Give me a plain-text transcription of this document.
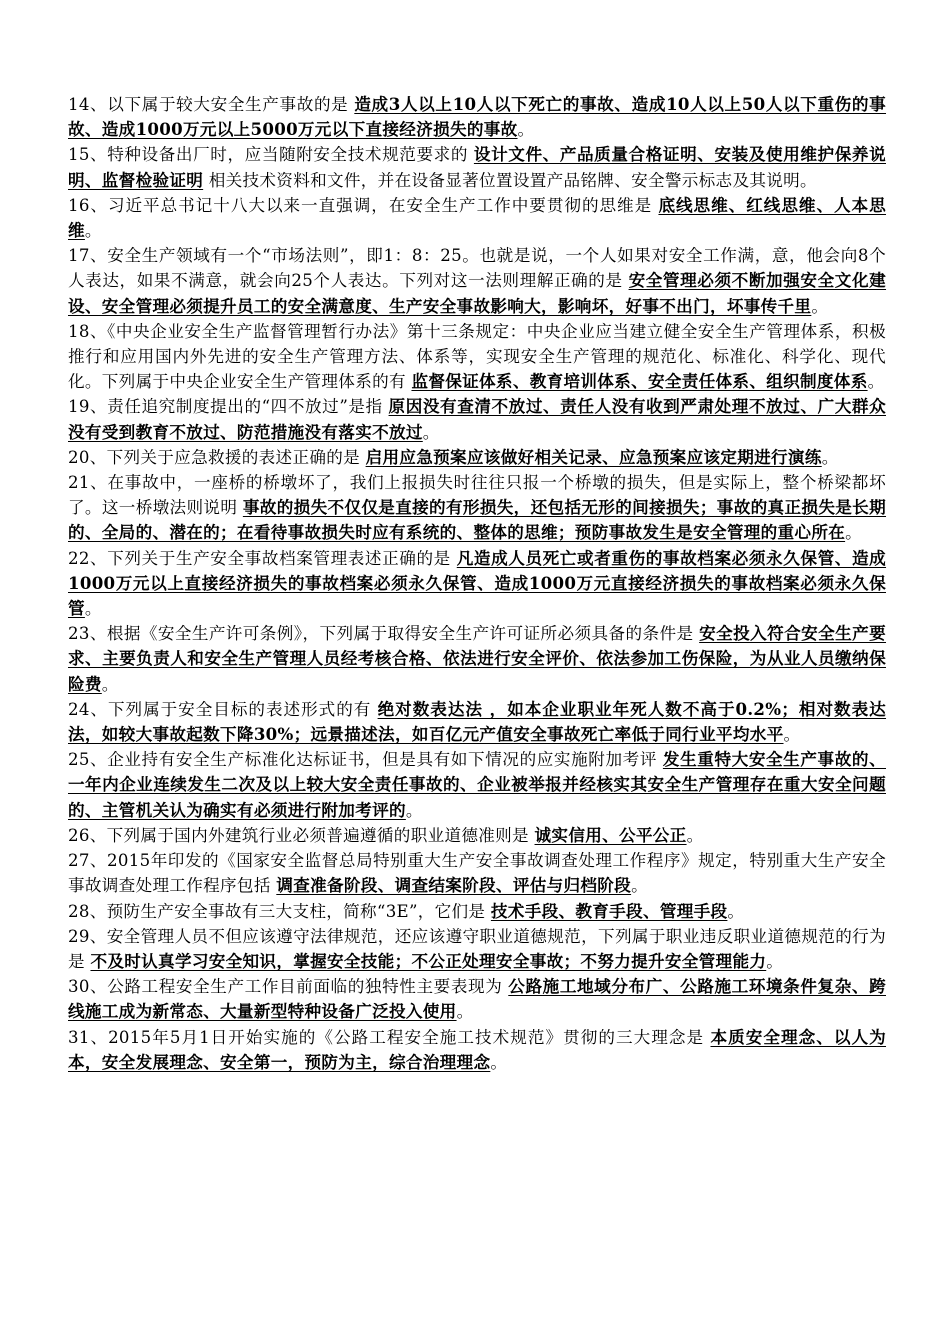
14、以下属于较大安全生产事故的是 造成3人以上10人以下死亡的事故、造成10人以上50人以下重伤的事故、造成1000万元以上5000万元以下直接经济损失的事故。

15、特种设备出厂时，应当随附安全技术规范要求的 设计文件、产品质量合格证明、安装及使用维护保养说明、监督检验证明 相关技术资料和文件，并在设备显著位置设置产品铭牌、安全警示标志及其说明。

16、习近平总书记十八大以来一直强调，在安全生产工作中要贯彻的思维是 底线思维、红线思维、人本思维。

17、安全生产领域有一个“市场法则”，即1：8：25。也就是说，一个人如果对安全工作满，意，他会向8个人表达，如果不满意，就会向25个人表达。下列对这一法则理解正确的是 安全管理必须不断加强安全文化建设、安全管理必须提升员工的安全满意度、生产安全事故影响大，影响坏，好事不出门，坏事传千里。

18、《中央企业安全生产监督管理暂行办法》第十三条规定：中央企业应当建立健全安全生产管理体系，积极推行和应用国内外先进的安全生产管理方法、体系等，实现安全生产管理的规范化、标准化、科学化、现代化。下列属于中央企业安全生产管理体系的有 监督保证体系、教育培训体系、安全责任体系、组织制度体系。

19、责任追究制度提出的“四不放过”是指 原因没有查清不放过、责任人没有收到严肃处理不放过、广大群众没有受到教育不放过、防范措施没有落实不放过。

20、下列关于应急救援的表述正确的是 启用应急预案应该做好相关记录、应急预案应该定期进行演练。

21、在事故中，一座桥的桥墩坏了，我们上报损失时往往只报一个桥墩的损失，但是实际上，整个桥梁都坏了。这一桥墩法则说明 事故的损失不仅仅是直接的有形损失，还包括无形的间接损失；事故的真正损失是长期的、全局的、潜在的；在看待事故损失时应有系统的、整体的思维；预防事故发生是安全管理的重心所在。

22、下列关于生产安全事故档案管理表述正确的是 凡造成人员死亡或者重伤的事故档案必须永久保管、造成1000万元以上直接经济损失的事故档案必须永久保管、造成1000万元直接经济损失的事故档案必须永久保管。

23、根据《安全生产许可条例》，下列属于取得安全生产许可证所必须具备的条件是 安全投入符合安全生产要求、主要负责人和安全生产管理人员经考核合格、依法进行安全评价、依法参加工伤保险，为从业人员缴纳保险费。

24、下列属于安全目标的表述形式的有 绝对数表达法 ，如本企业职业年死人数不高于0.2%；相对数表达法，如较大事故起数下降30%；远景描述法，如百亿元产值安全事故死亡率低于同行业平均水平。

25、企业持有安全生产标准化达标证书，但是具有如下情况的应实施附加考评 发生重特大安全生产事故的、一年内企业连续发生二次及以上较大安全责任事故的、企业被举报并经核实其安全生产管理存在重大安全问题的、主管机关认为确实有必须进行附加考评的。

26、下列属于国内外建筑行业必须普遍遵循的职业道德准则是 诚实信用、公平公正。

27、2015年印发的《国家安全监督总局特别重大生产安全事故调查处理工作程序》规定，特别重大生产安全事故调查处理工作程序包括 调查准备阶段、调查结案阶段、评估与归档阶段。

28、预防生产安全事故有三大支柱，简称“3E”，它们是 技术手段、教育手段、管理手段。

29、安全管理人员不但应该遵守法律规范，还应该遵守职业道德规范，下列属于职业违反职业道德规范的行为是 不及时认真学习安全知识，掌握安全技能；不公正处理安全事故；不努力提升安全管理能力。

30、公路工程安全生产工作目前面临的独特性主要表现为 公路施工地域分布广、公路施工环境条件复杂、跨线施工成为新常态、大量新型特种设备广泛投入使用。

31、2015年5月1日开始实施的《公路工程安全施工技术规范》贯彻的三大理念是 本质安全理念、以人为本，安全发展理念、安全第一，预防为主，综合治理理念。
